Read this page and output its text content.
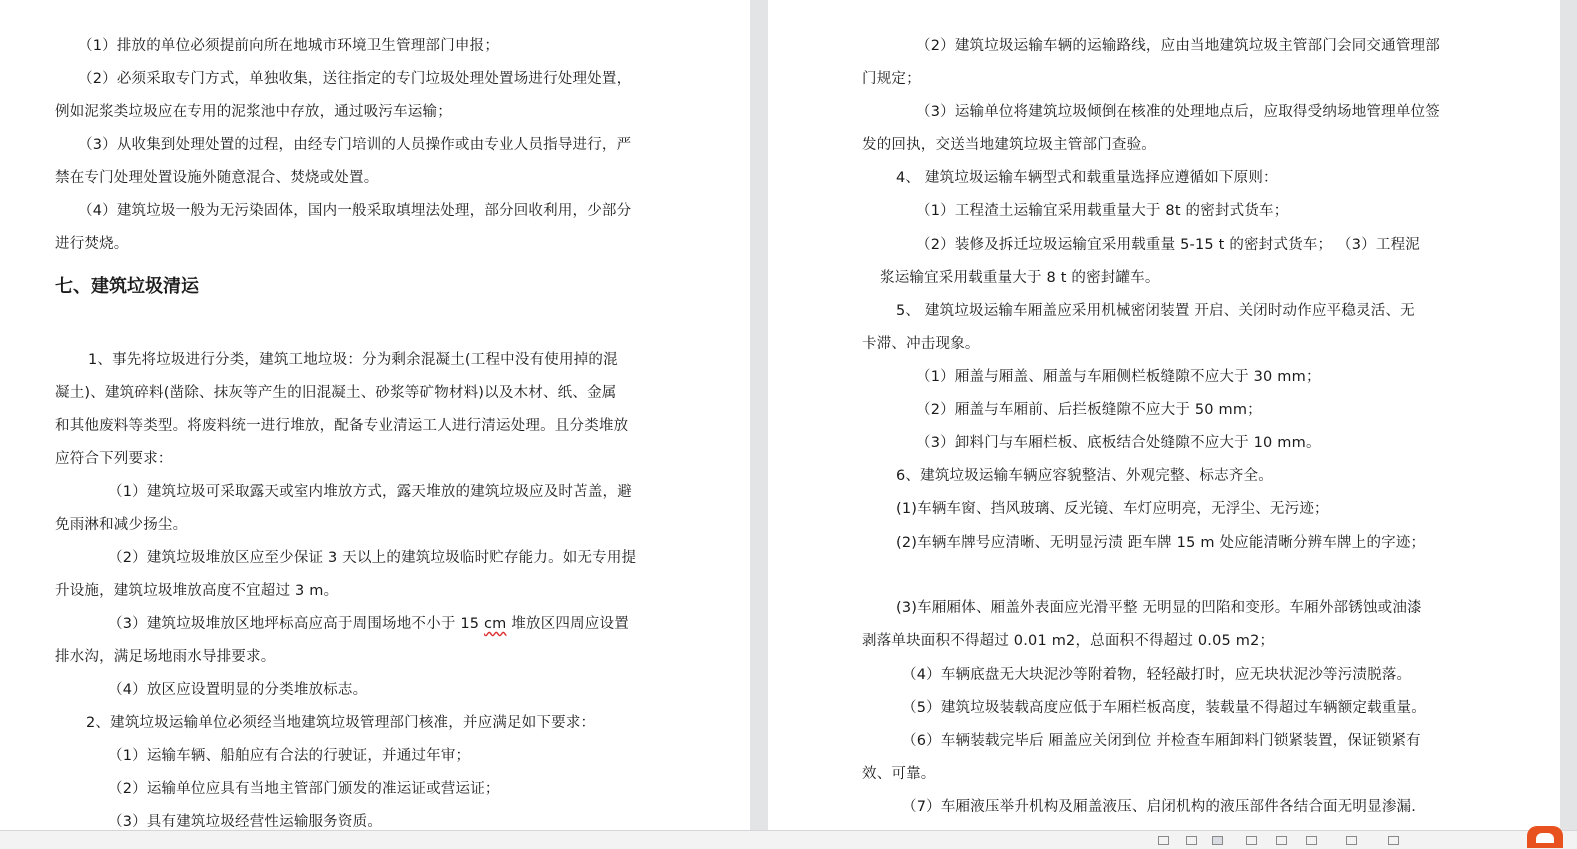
（1）排放的单位必须提前向所在地城市环境卫生管理部门申报；
（2）必须采取专门方式，单独收集，送往指定的专门垃圾处理处置场进行处理处置，
例如泥浆类垃圾应在专用的泥浆池中存放，通过吸污车运输；
（3）从收集到处理处置的过程，由经专门培训的人员操作或由专业人员指导进行，严
禁在专门处理处置设施外随意混合、焚烧或处置。
（4）建筑垃圾一般为无污染固体，国内一般采取填埋法处理，部分回收利用，少部分
进行焚烧。
七、建筑垃圾清运
1、事先将垃圾进行分类，建筑工地垃圾：分为剩余混凝土(工程中没有使用掉的混
凝土)、建筑碎料(凿除、抹灰等产生的旧混凝土、砂浆等矿物材料)以及木材、纸、金属
和其他废料等类型。将废料统一进行堆放，配备专业清运工人进行清运处理。且分类堆放
应符合下列要求：
（1）建筑垃圾可采取露天或室内堆放方式，露天堆放的建筑垃圾应及时苫盖，避
免雨淋和减少扬尘。
（2）建筑垃圾堆放区应至少保证 3 天以上的建筑垃圾临时贮存能力。如无专用提
升设施，建筑垃圾堆放高度不宜超过 3 m。
（3）建筑垃圾堆放区地坪标高应高于周围场地不小于 15 cm 堆放区四周应设置
排水沟，满足场地雨水导排要求。
（4）放区应设置明显的分类堆放标志。
2、建筑垃圾运输单位必须经当地建筑垃圾管理部门核准，并应满足如下要求：
（1）运输车辆、船舶应有合法的行驶证，并通过年审；
（2）运输单位应具有当地主管部门颁发的准运证或营运证；
（3）具有建筑垃圾经营性运输服务资质。
（2）建筑垃圾运输车辆的运输路线，应由当地建筑垃圾主管部门会同交通管理部
门规定；
（3）运输单位将建筑垃圾倾倒在核准的处理地点后，应取得受纳场地管理单位签
发的回执，交送当地建筑垃圾主管部门查验。
4、 建筑垃圾运输车辆型式和载重量选择应遵循如下原则：
（1）工程渣土运输宜采用载重量大于 8t 的密封式货车；
（2）装修及拆迁垃圾运输宜采用载重量 5-15 t 的密封式货车； （3）工程泥
浆运输宜采用载重量大于 8 t 的密封罐车。
5、 建筑垃圾运输车厢盖应采用机械密闭装置 开启、关闭时动作应平稳灵活、无
卡滞、冲击现象。
（1）厢盖与厢盖、厢盖与车厢侧栏板缝隙不应大于 30 mm；
（2）厢盖与车厢前、后拦板缝隙不应大于 50 mm；
（3）卸料门与车厢栏板、底板结合处缝隙不应大于 10 mm。
6、建筑垃圾运输车辆应容貌整洁、外观完整、标志齐全。
(1)车辆车窗、挡风玻璃、反光镜、车灯应明亮，无浮尘、无污迹；
(2)车辆车牌号应清晰、无明显污渍 距车牌 15 m 处应能清晰分辨车牌上的字迹；
(3)车厢厢体、厢盖外表面应光滑平整 无明显的凹陷和变形。车厢外部锈蚀或油漆
剥落单块面积不得超过 0.01 m2，总面积不得超过 0.05 m2；
（4）车辆底盘无大块泥沙等附着物，轻轻敲打时，应无块状泥沙等污渍脱落。
（5）建筑垃圾装载高度应低于车厢栏板高度，装载量不得超过车辆额定载重量。
（6）车辆装载完毕后 厢盖应关闭到位 并检查车厢卸料门锁紧装置，保证锁紧有
效、可靠。
（7）车厢液压举升机构及厢盖液压、启闭机构的液压部件各结合面无明显渗漏.
